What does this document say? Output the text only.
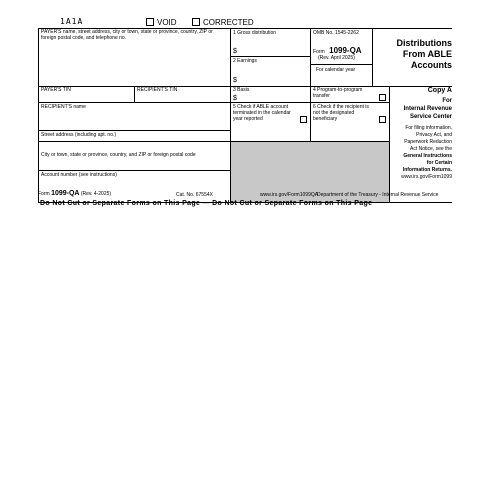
1A1A	VOID	CORRECTED
PAYER'S name, street address, city or town, state or province, country, ZIP or foreign postal code, and telephone no.
1 Gross distribution
$
2 Earnings
$
OMB No. 1545-2262
Form 1099-QA
(Rev. April 2025)
For calendar year
Distributions
From ABLE
Accounts
PAYER'S TIN	RECIPIENT'S TIN	3 Basis
$
4 Program-to-program
transfer
5 Check if ABLE account
terminated in the calendar
year reported
6 Check if the recipient is
not the designated
beneficiary
RECIPIENT'S name
Street address (including apt. no.)
City or town, state or province, country, and ZIP or foreign postal code
Account number (see instructions)
Copy A
For
Internal Revenue
Service Center
For filing information,
Privacy Act, and
Paperwork Reduction
Act Notice, see the
General Instructions
for Certain
Information Returns.
www.irs.gov/Form1099
Form 1099-QA (Rev. 4-2025)	Cat. No. 67554X	www.irs.gov/Form1099QA
Department of the Treasury - Internal Revenue Service
Do Not Cut or Separate Forms on This Page — Do Not Cut or Separate Forms on This Page
